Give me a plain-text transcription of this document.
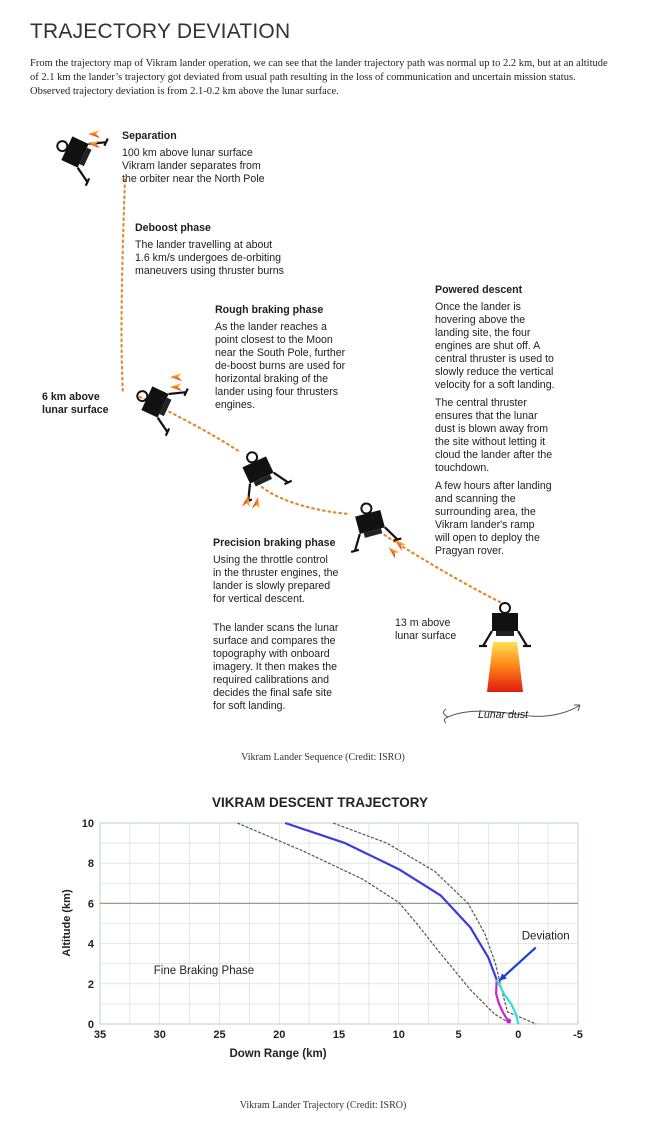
TRAJECTORY DEVIATION

From the trajectory map of Vikram lander operation, we can see that the lander trajectory path was normal up to 2.2 km, but at an altitude of 2.1 km the lander’s trajectory got deviated from usual path resulting in the loss of communication and uncertain mission status. Observed trajectory deviation is from 2.1-0.2 km above the lunar surface.

Separation
100 km above lunar surface
Vikram lander separates from
the orbiter near the North Pole
Deboost phase
The lander travelling at about
1.6 km/s undergoes de-orbiting
maneuvers using thruster burns
Rough braking phase
As the lander reaches a
point closest to the Moon
near the South Pole, further
de-boost burns are used for
horizontal braking of the
lander using four thrusters
engines.
6 km above
lunar surface
Powered descent
Once the lander is
hovering above the
landing site, the four
engines are shut off. A
central thruster is used to
slowly reduce the vertical
velocity for a soft landing.
The central thruster
ensures that the lunar
dust is blown away from
the site without letting it
cloud the lander after the
touchdown.
A few hours after landing
and scanning the
surrounding area, the
Vikram lander's ramp
will open to deploy the
Pragyan rover.
Precision braking phase
Using the throttle control
in the thruster engines, the
lander is slowly prepared
for vertical descent.
The lander scans the lunar
surface and compares the
topography with onboard
imagery. It then makes the
required calibrations and
decides the final safe site
for soft landing.
13 m above
lunar surface
Lunar dust
Vikram Lander Sequence (Credit: ISRO)
VIKRAM DESCENT TRAJECTORY
35	30	25	20	15	10	5	0	-5
0
2
4
6
8
10
Fine Braking Phase
Deviation
Down Range (km)
Altitude (km)
Vikram Lander Trajectory (Credit: ISRO)
